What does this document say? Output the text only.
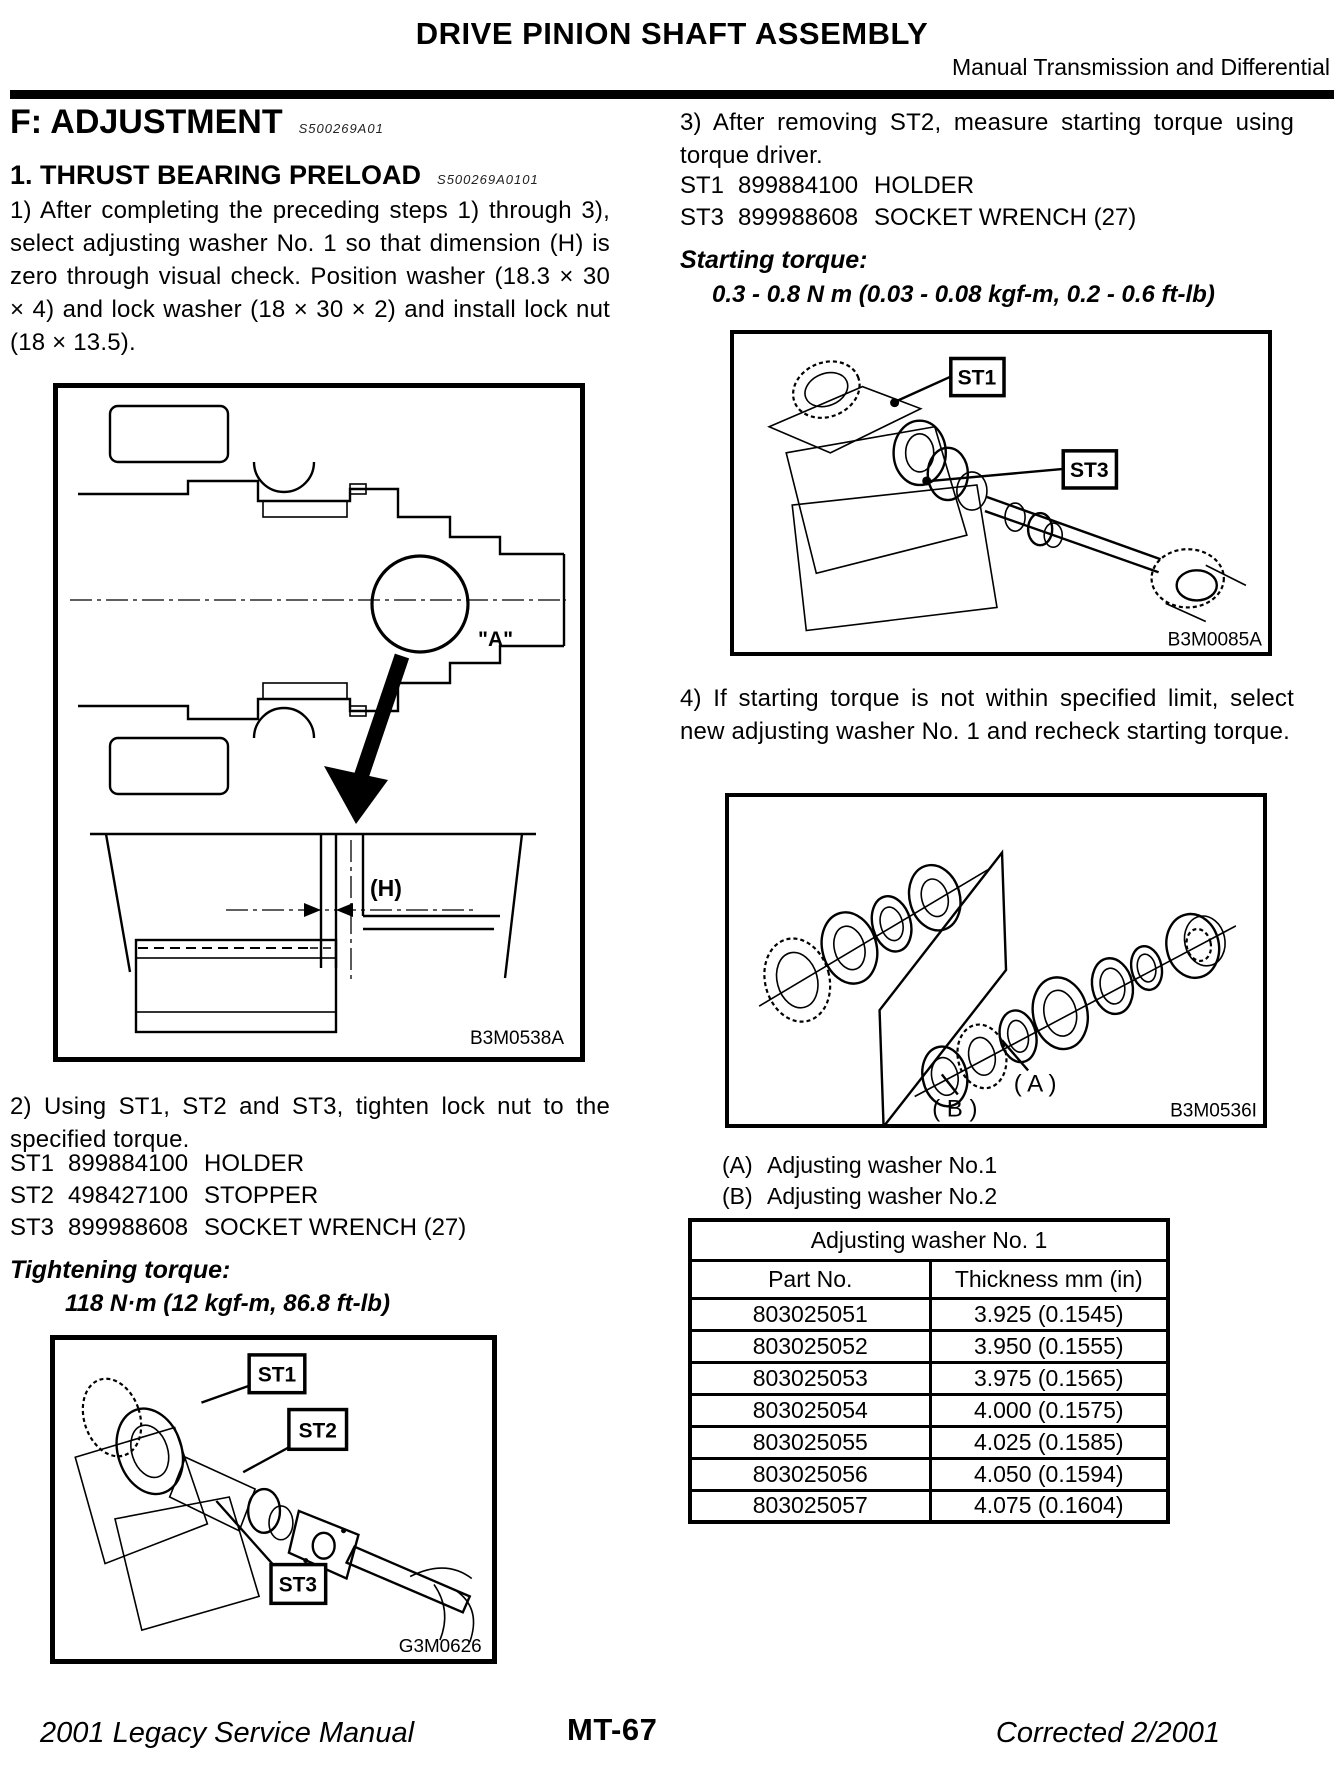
DRIVE PINION SHAFT ASSEMBLY
Manual Transmission and Differential
F: ADJUSTMENT S500269A01
1. THRUST BEARING PRELOAD S500269A0101
1) After completing the preceding steps 1) through 3), select adjusting washer No. 1 so that dimension (H) is zero through visual check. Position washer (18.3 × 30 × 4) and lock washer (18 × 30 × 2) and install lock nut (18 × 13.5).
"A"
(H)
B3M0538A
2) Using ST1, ST2 and ST3, tighten lock nut to the specified torque.
ST1 899884100 HOLDER
ST2 498427100 STOPPER
ST3 899988608 SOCKET WRENCH (27)
Tightening torque:
118 N·m (12 kgf-m, 86.8 ft-lb)
ST1
ST2
ST3
G3M0626
3) After removing ST2, measure starting torque using torque driver.
ST1 899884100 HOLDER
ST3 899988608 SOCKET WRENCH (27)
Starting torque:
0.3 - 0.8 N m (0.03 - 0.08 kgf-m, 0.2 - 0.6 ft-lb)
ST1
ST3
B3M0085A
4) If starting torque is not within specified limit, select new adjusting washer No. 1 and recheck starting torque.
( B )
( A )
B3M0536I
(A) Adjusting washer No.1
(B) Adjusting washer No.2
Adjusting washer No. 1	
Part No.	Thickness mm (in)
803025051	3.925 (0.1545)
803025052	3.950 (0.1555)
803025053	3.975 (0.1565)
803025054	4.000 (0.1575)
803025055	4.025 (0.1585)
803025056	4.050 (0.1594)
803025057	4.075 (0.1604)
2001 Legacy Service Manual	MT-67	Corrected 2/2001
